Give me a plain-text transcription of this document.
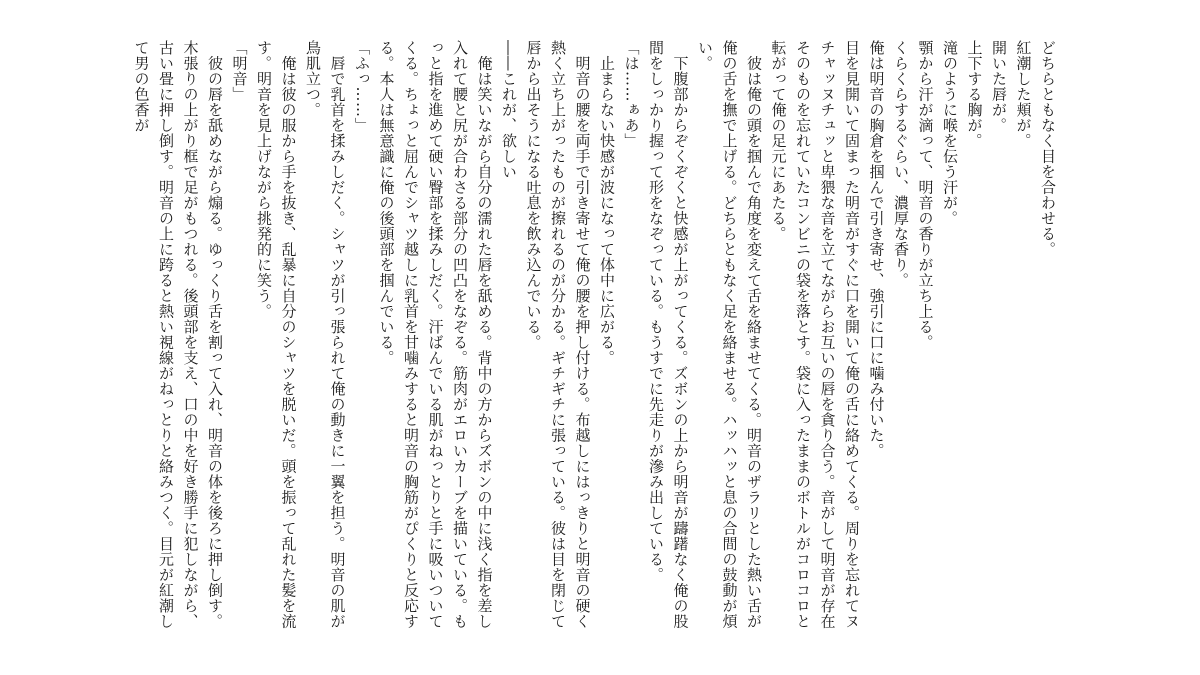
どちらともなく目を合わせる。

紅潮した頬が。

開いた唇が。

上下する胸が。

滝のように喉を伝う汗が。

顎から汗が滴って、明音の香りが立ち上る。

くらくらするぐらい、濃厚な香り。

俺は明音の胸倉を掴んで引き寄せ、強引に口に噛み付いた。

目を見開いて固まった明音がすぐに口を開いて俺の舌に絡めてくる。周りを忘れてヌチャッヌチュッと卑猥な音を立てながらお互いの唇を貪り合う。音がして明音が存在そのものを忘れていたコンビニの袋を落とす。袋に入ったままのボトルがコロコロと転がって俺の足元にあたる。

　彼は俺の頭を掴んで角度を変えて舌を絡ませてくる。明音のザラリとした熱い舌が俺の舌を撫で上げる。どちらともなく足を絡ませる。ハッハッと息の合間の鼓動が煩い。

　下腹部からぞくぞくと快感が上がってくる。ズボンの上から明音が躊躇なく俺の股間をしっかり握って形をなぞっている。もうすでに先走りが滲み出している。

「は……ぁあ」

　止まらない快感が波になって体中に広がる。

　明音の腰を両手で引き寄せて俺の腰を押し付ける。布越しにはっきりと明音の硬く熱く立ち上がったものが擦れるのが分かる。ギチギチに張っている。彼は目を閉じて唇から出そうになる吐息を飲み込んでいる。

――これが、欲しい

　俺は笑いながら自分の濡れた唇を舐める。背中の方からズボンの中に浅く指を差し入れて腰と尻が合わさる部分の凹凸をなぞる。筋肉がエロいカーブを描いている。もっと指を進めて硬い臀部を揉みしだく。汗ばんでいる肌がねっとりと手に吸いついてくる。ちょっと屈んでシャツ越しに乳首を甘噛みすると明音の胸筋がぴくりと反応する。本人は無意識に俺の後頭部を掴んでいる。

「ふっ……」

　唇で乳首を揉みしだく。シャツが引っ張られて俺の動きに一翼を担う。明音の肌が鳥肌立つ。

　俺は彼の服から手を抜き、乱暴に自分のシャツを脱いだ。頭を振って乱れた髪を流す。明音を見上げながら挑発的に笑う。

「明音」

　彼の唇を舐めながら煽る。ゆっくり舌を割って入れ、明音の体を後ろに押し倒す。木張りの上がり框で足がもつれる。後頭部を支え、口の中を好き勝手に犯しながら、古い畳に押し倒す。明音の上に跨ると熱い視線がねっとりと絡みつく。目元が紅潮して男の色香が
